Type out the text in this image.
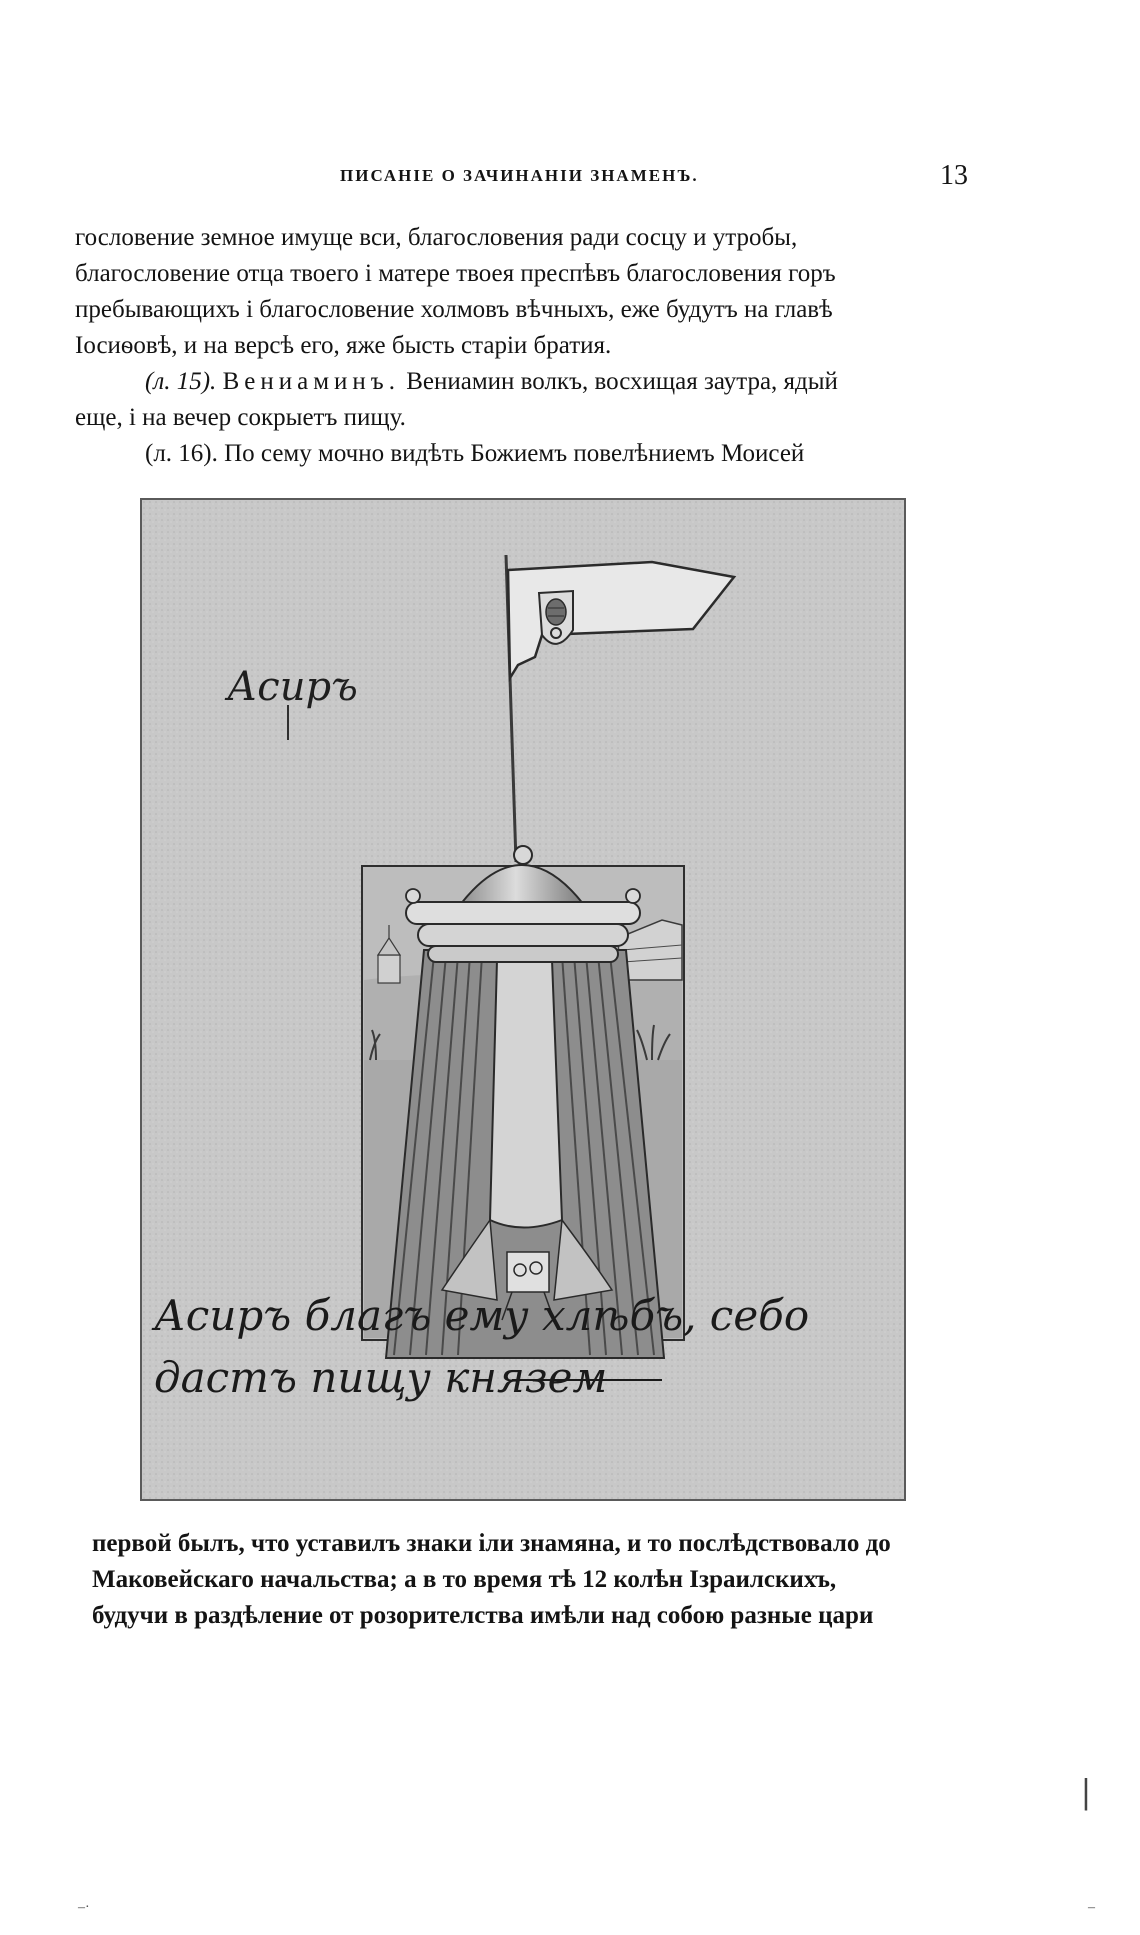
ПИСАНІЕ О ЗАЧИНАНІИ ЗНАМЕНЪ.	13
гословение земное имуще вси, благословения ради сосцу и утробы,
благословение отца твоего і матере твоея преспѣвъ благословения горъ
пребывающихъ і благословение холмовъ вѣчныхъ, еже будутъ на главѣ
Іосиѳовѣ, и на версѣ его, яже бысть старіи братия.
(л. 15). Вениаминъ. Вениамин волкъ, восхищая заутра, ядый
еще, і на вечер сокрыетъ пищу.
(л. 16). По сему мочно видѣть Божиемъ повелѣниемъ Моисей
Асиръ
Асиръ благъ ему хлѣбъ, себо
дастъ пищу князем
первой былъ, что уставилъ знаки іли знамяна, и то послѣдствовало до
Маковейскаго начальства; а в то время тѣ 12 колѣн Ізраилскихъ,
будучи в раздѣление от розорителства имѣли над собою разные цари
|
–·	–
